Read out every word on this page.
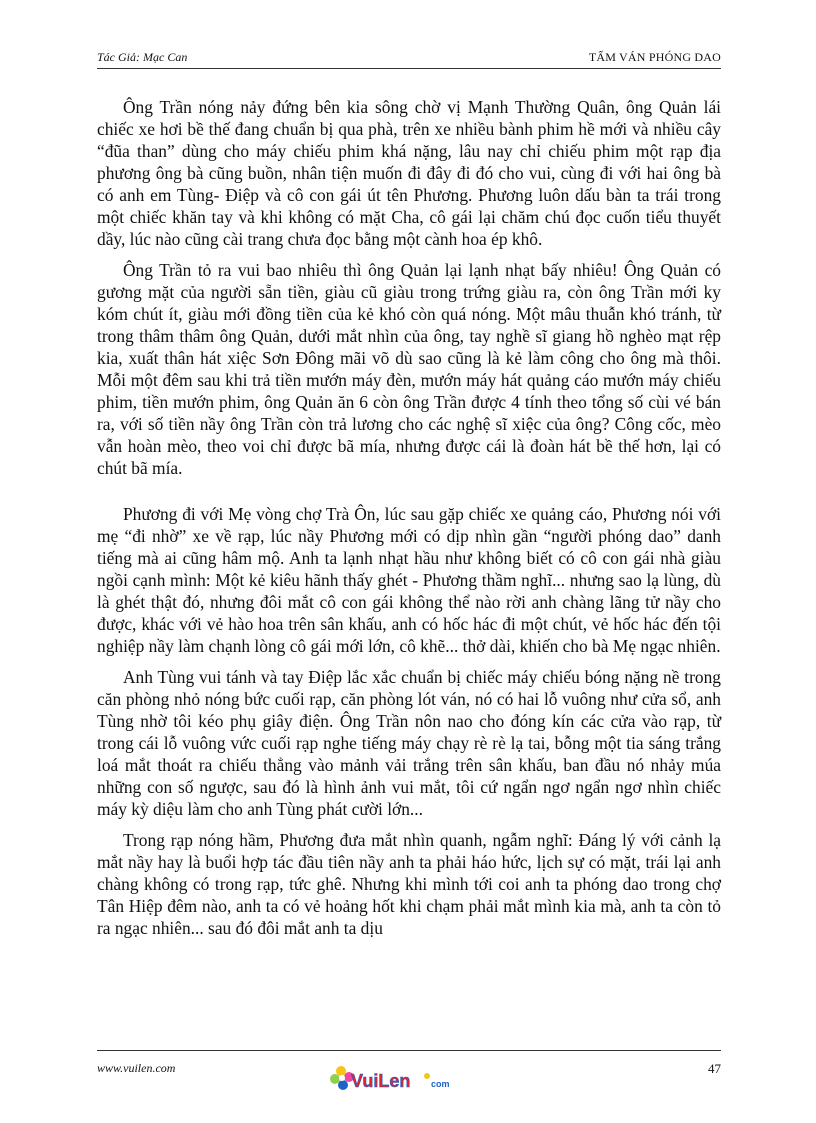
Tác Giả: Mạc Can	TẤM VÁN PHÓNG DAO

Ông Trần nóng nảy đứng bên kia sông chờ vị Mạnh Thường Quân, ông Quản lái chiếc xe hơi bề thế đang chuẩn bị qua phà, trên xe nhiều bành phim hề mới và nhiều cây “đũa than” dùng cho máy chiếu phim khá nặng, lâu nay chỉ chiếu phim một rạp địa phương ông bà cũng buồn, nhân tiện muốn đi đây đi đó cho vui, cùng đi với hai ông bà có anh em Tùng- Điệp và cô con gái út tên Phương. Phương luôn dấu bàn ta trái trong một chiếc khăn tay và khi không có mặt Cha, cô gái lại chăm chú đọc cuốn tiểu thuyết dầy, lúc nào cũng cài trang chưa đọc bằng một cành hoa ép khô.

Ông Trần tỏ ra vui bao nhiêu thì ông Quản lại lạnh nhạt bấy nhiêu! Ông Quản có gương mặt của người sẵn tiền, giàu cũ giàu trong trứng giàu ra, còn ông Trần mới ky kóm chút ít, giàu mới đồng tiền của kẻ khó còn quá nóng. Một mâu thuẫn khó tránh, từ trong thâm thâm ông Quản, dưới mắt nhìn của ông, tay nghề sĩ giang hồ nghèo mạt rệp kia, xuất thân hát xiệc Sơn Đông mãi võ dù sao cũng là kẻ làm công cho ông mà thôi. Mỗi một đêm sau khi trả tiền mướn máy đèn, mướn máy hát quảng cáo mướn máy chiếu phim, tiền mướn phim, ông Quản ăn 6 còn ông Trần được 4 tính theo tổng số cùi vé bán ra, với số tiền nầy ông Trần còn trả lương cho các nghệ sĩ xiệc của ông? Công cốc, mèo vẫn hoàn mèo, theo voi chỉ được bã mía, nhưng được cái là đoàn hát bề thế hơn, lại có chút bã mía.

Phương đi với Mẹ vòng chợ Trà Ôn, lúc sau gặp chiếc xe quảng cáo, Phương nói với mẹ “đi nhờ” xe về rạp, lúc nầy Phương mới có dịp nhìn gần “người phóng dao” danh tiếng mà ai cũng hâm mộ. Anh ta lạnh nhạt hầu như không biết có cô con gái nhà giàu ngồi cạnh mình: Một kẻ kiêu hãnh thấy ghét - Phương thầm nghĩ... nhưng sao lạ lùng, dù là ghét thật đó, nhưng đôi mắt cô con gái không thể nào rời anh chàng lãng tử nầy cho được, khác với vẻ hào hoa trên sân khấu, anh có hốc hác đi một chút, vẻ hốc hác đến tội nghiệp nầy làm chạnh lòng cô gái mới lớn, cô khẽ... thở dài, khiến cho bà Mẹ ngạc nhiên.

Anh Tùng vui tánh và tay Điệp lắc xắc chuẩn bị chiếc máy chiếu bóng nặng nề trong căn phòng nhỏ nóng bức cuối rạp, căn phòng lót ván, nó có hai lỗ vuông như cửa sổ, anh Tùng nhờ tôi kéo phụ giây điện. Ông Trần nôn nao cho đóng kín các cửa vào rạp, từ trong cái lỗ vuông vức cuối rạp nghe tiếng máy chạy rè rè lạ tai, bỗng một tia sáng trắng loá mắt thoát ra chiếu thẳng vào mảnh vải trắng trên sân khấu, ban đầu nó nhảy múa những con số ngược, sau đó là hình ảnh vui mắt, tôi cứ ngẩn ngơ ngẩn ngơ nhìn chiếc máy kỳ diệu làm cho anh Tùng phát cười lớn...

Trong rạp nóng hầm, Phương đưa mắt nhìn quanh, ngẫm nghĩ: Đáng lý với cảnh lạ mắt nầy hay là buổi hợp tác đầu tiên nầy anh ta phải háo hức, lịch sự có mặt, trái lại anh chàng không có trong rạp, tức ghê. Nhưng khi mình tới coi anh ta phóng dao trong chợ Tân Hiệp đêm nào, anh ta có vẻ hoảng hốt khi chạm phải mắt mình kia mà, anh ta còn tỏ ra ngạc nhiên... sau đó đôi mắt anh ta dịu

www.vuilen.com
VuiLen com
47
